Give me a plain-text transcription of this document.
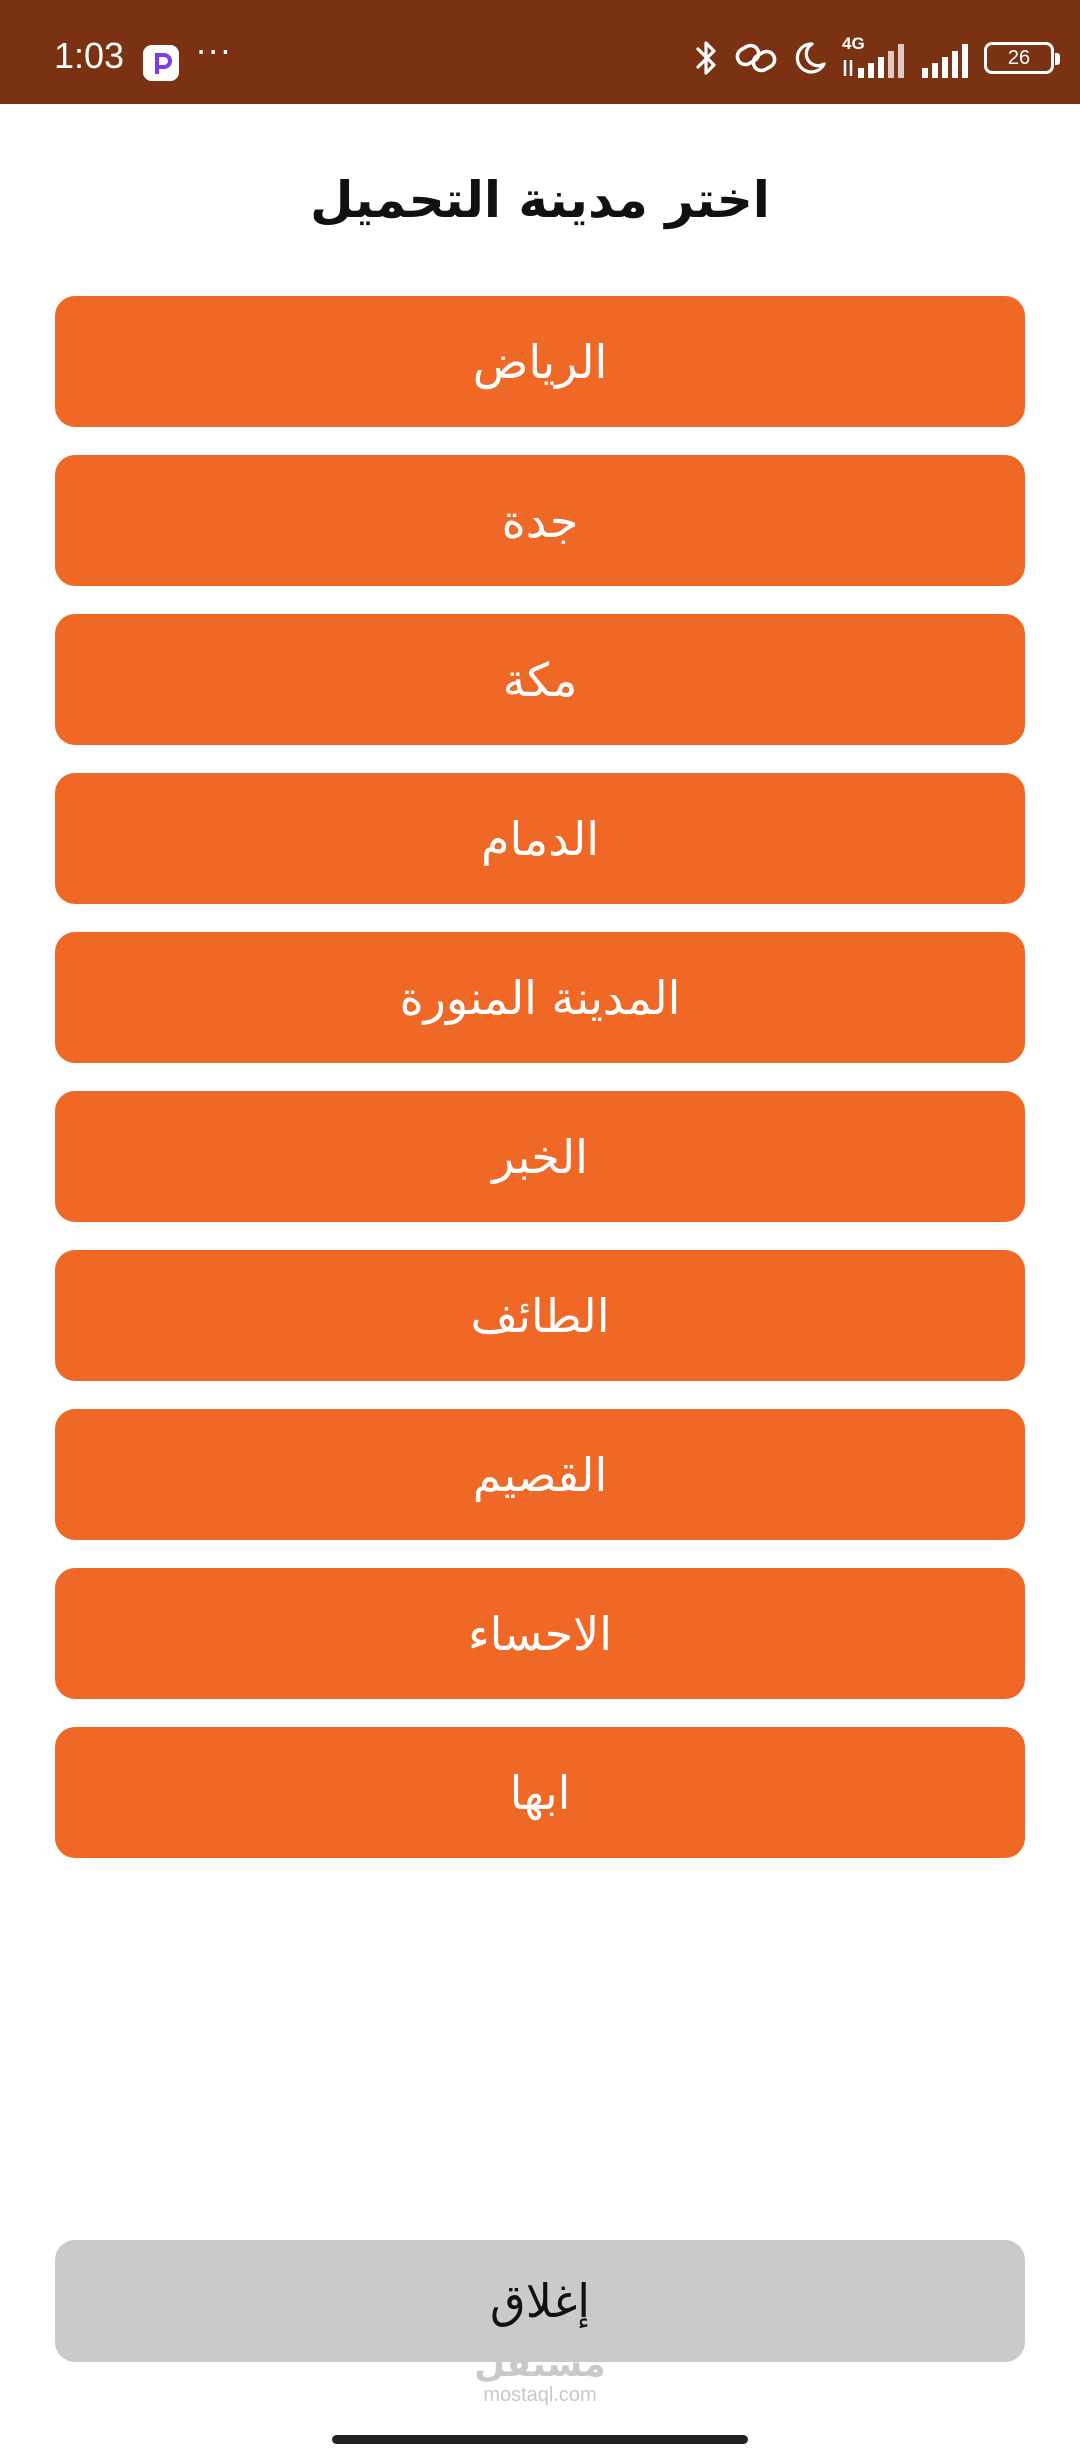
1:03 ···	4G
26
اختر مدينة التحميل
الرياض
جدة
مكة
الدمام
المدينة المنورة
الخبر
الطائف
القصيم
الاحساء
ابها
إغلاق
مستقل
mostaql.com
